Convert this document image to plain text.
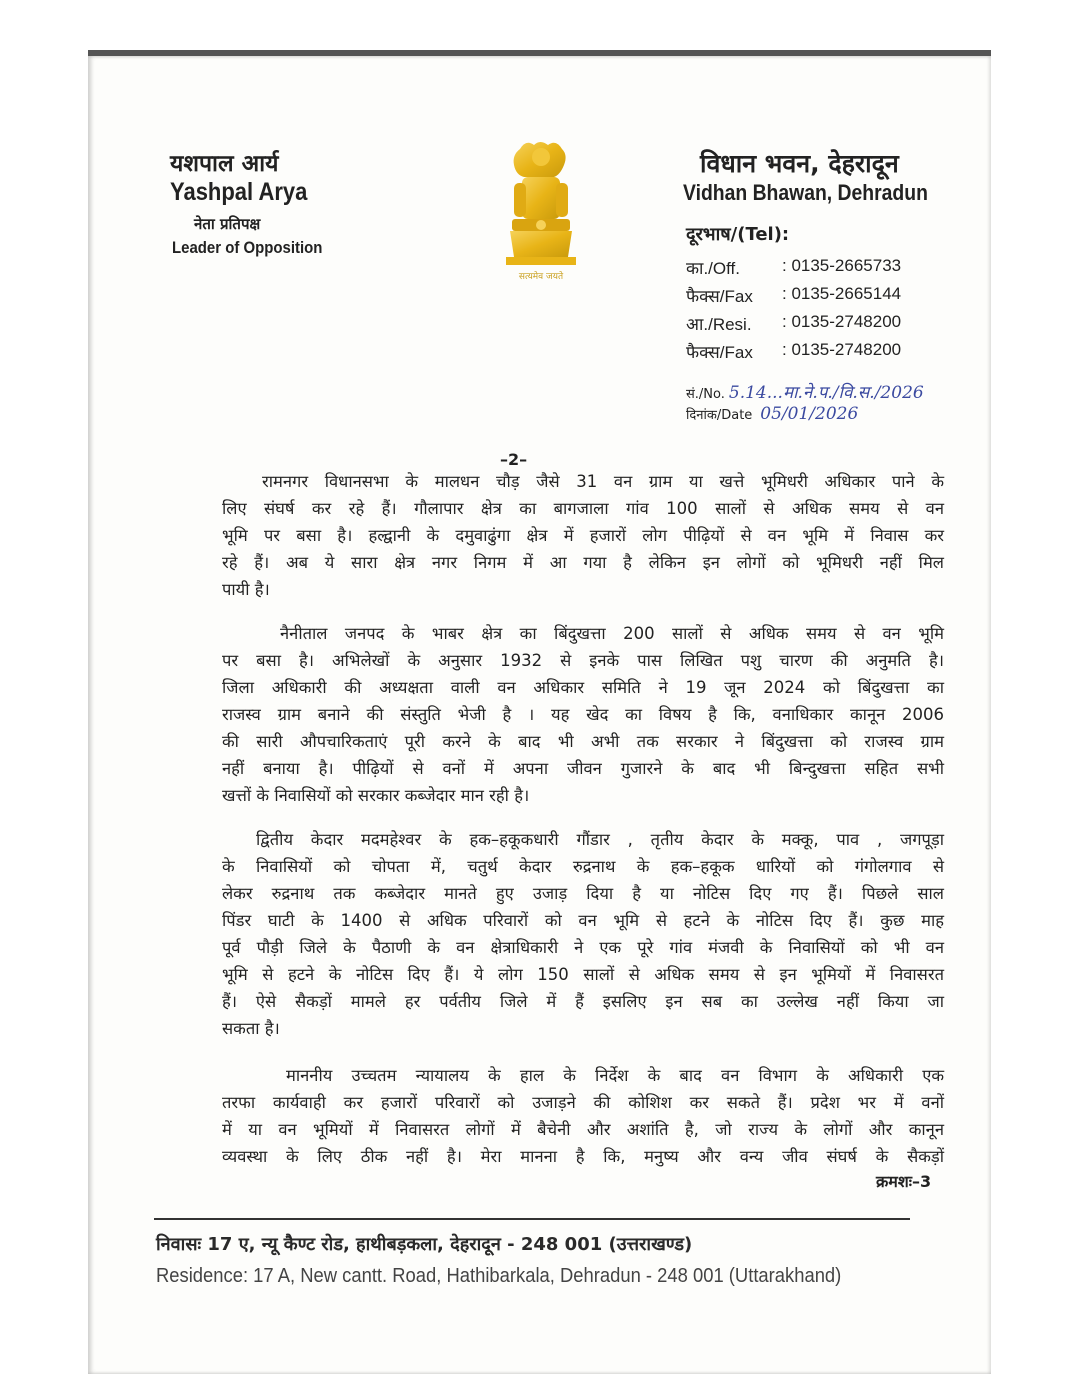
यशपाल आर्य
Yashpal Arya
नेता प्रतिपक्ष
Leader of Opposition
सत्यमेव जयते
विधान भवन, देहरादून
Vidhan Bhawan, Dehradun
दूरभाष/(Tel):
का./Off.	: 0135-2665733
फैक्स/Fax	: 0135-2665144
आ./Resi.	: 0135-2748200
फैक्स/Fax	: 0135-2748200
सं./No. 5.14...मा.ने.प./वि.स./2026
दिनांक/Date 05/01/2026
–2–
रामनगर विधानसभा के मालधन चौड़ जैसे 31 वन ग्राम या खत्ते भूमिधरी अधिकार पाने के
लिए संघर्ष कर रहे हैं। गौलापार क्षेत्र का बागजाला गांव 100 सालों से अधिक समय से वन
भूमि पर बसा है। हल्द्वानी के दमुवाढुंगा क्षेत्र में हजारों लोग पीढ़ियों से वन भूमि में निवास कर
रहे हैं। अब ये सारा क्षेत्र नगर निगम में आ गया है लेकिन इन लोगों को भूमिधरी नहीं मिल
पायी है।
नैनीताल जनपद के भाबर क्षेत्र का बिंदुखत्ता 200 सालों से अधिक समय से वन भूमि
पर बसा है। अभिलेखों के अनुसार 1932 से इनके पास लिखित पशु चारण की अनुमति है।
जिला अधिकारी की अध्यक्षता वाली वन अधिकार समिति ने 19 जून 2024 को बिंदुखत्ता का
राजस्व ग्राम बनाने की संस्तुति भेजी है । यह खेद का विषय है कि, वनाधिकार कानून 2006
की सारी औपचारिकताएं पूरी करने के बाद भी अभी तक सरकार ने बिंदुखत्ता को राजस्व ग्राम
नहीं बनाया है। पीढ़ियों से वनों में अपना जीवन गुजारने के बाद भी बिन्दुखत्ता सहित सभी
खत्तों के निवासियों को सरकार कब्जेदार मान रही है।
द्वितीय केदार मदमहेश्वर के हक–हकूकधारी गौंडार , तृतीय केदार के मक्कू, पाव , जगपूड़ा
के निवासियों को चोपता में, चतुर्थ केदार रुद्रनाथ के हक–हकूक धारियों को गंगोलगाव से
लेकर रुद्रनाथ तक कब्जेदार मानते हुए उजाड़ दिया है या नोटिस दिए गए हैं। पिछले साल
पिंडर घाटी के 1400 से अधिक परिवारों को वन भूमि से हटने के नोटिस दिए हैं। कुछ माह
पूर्व पौड़ी जिले के पैठाणी के वन क्षेत्राधिकारी ने एक पूरे गांव मंजवी के निवासियों को भी वन
भूमि से हटने के नोटिस दिए हैं। ये लोग 150 सालों से अधिक समय से इन भूमियों में निवासरत
हैं। ऐसे सैकड़ों मामले हर पर्वतीय जिले में हैं इसलिए इन सब का उल्लेख नहीं किया जा
सकता है।
माननीय उच्चतम न्यायालय के हाल के निर्देश के बाद वन विभाग के अधिकारी एक
तरफा कार्यवाही कर हजारों परिवारों को उजाड़ने की कोशिश कर सकते हैं। प्रदेश भर में वनों
में या वन भूमियों में निवासरत लोगों में बैचेनी और अशांति है, जो राज्य के लोगों और कानून
व्यवस्था के लिए ठीक नहीं है। मेरा मानना है कि, मनुष्य और वन्य जीव संघर्ष के सैकड़ों
क्रमशः–3
निवासः 17 ए, न्यू कैण्ट रोड, हाथीबड़कला, देहरादून - 248 001 (उत्तराखण्ड)
Residence: 17 A, New cantt. Road, Hathibarkala, Dehradun - 248 001 (Uttarakhand)
